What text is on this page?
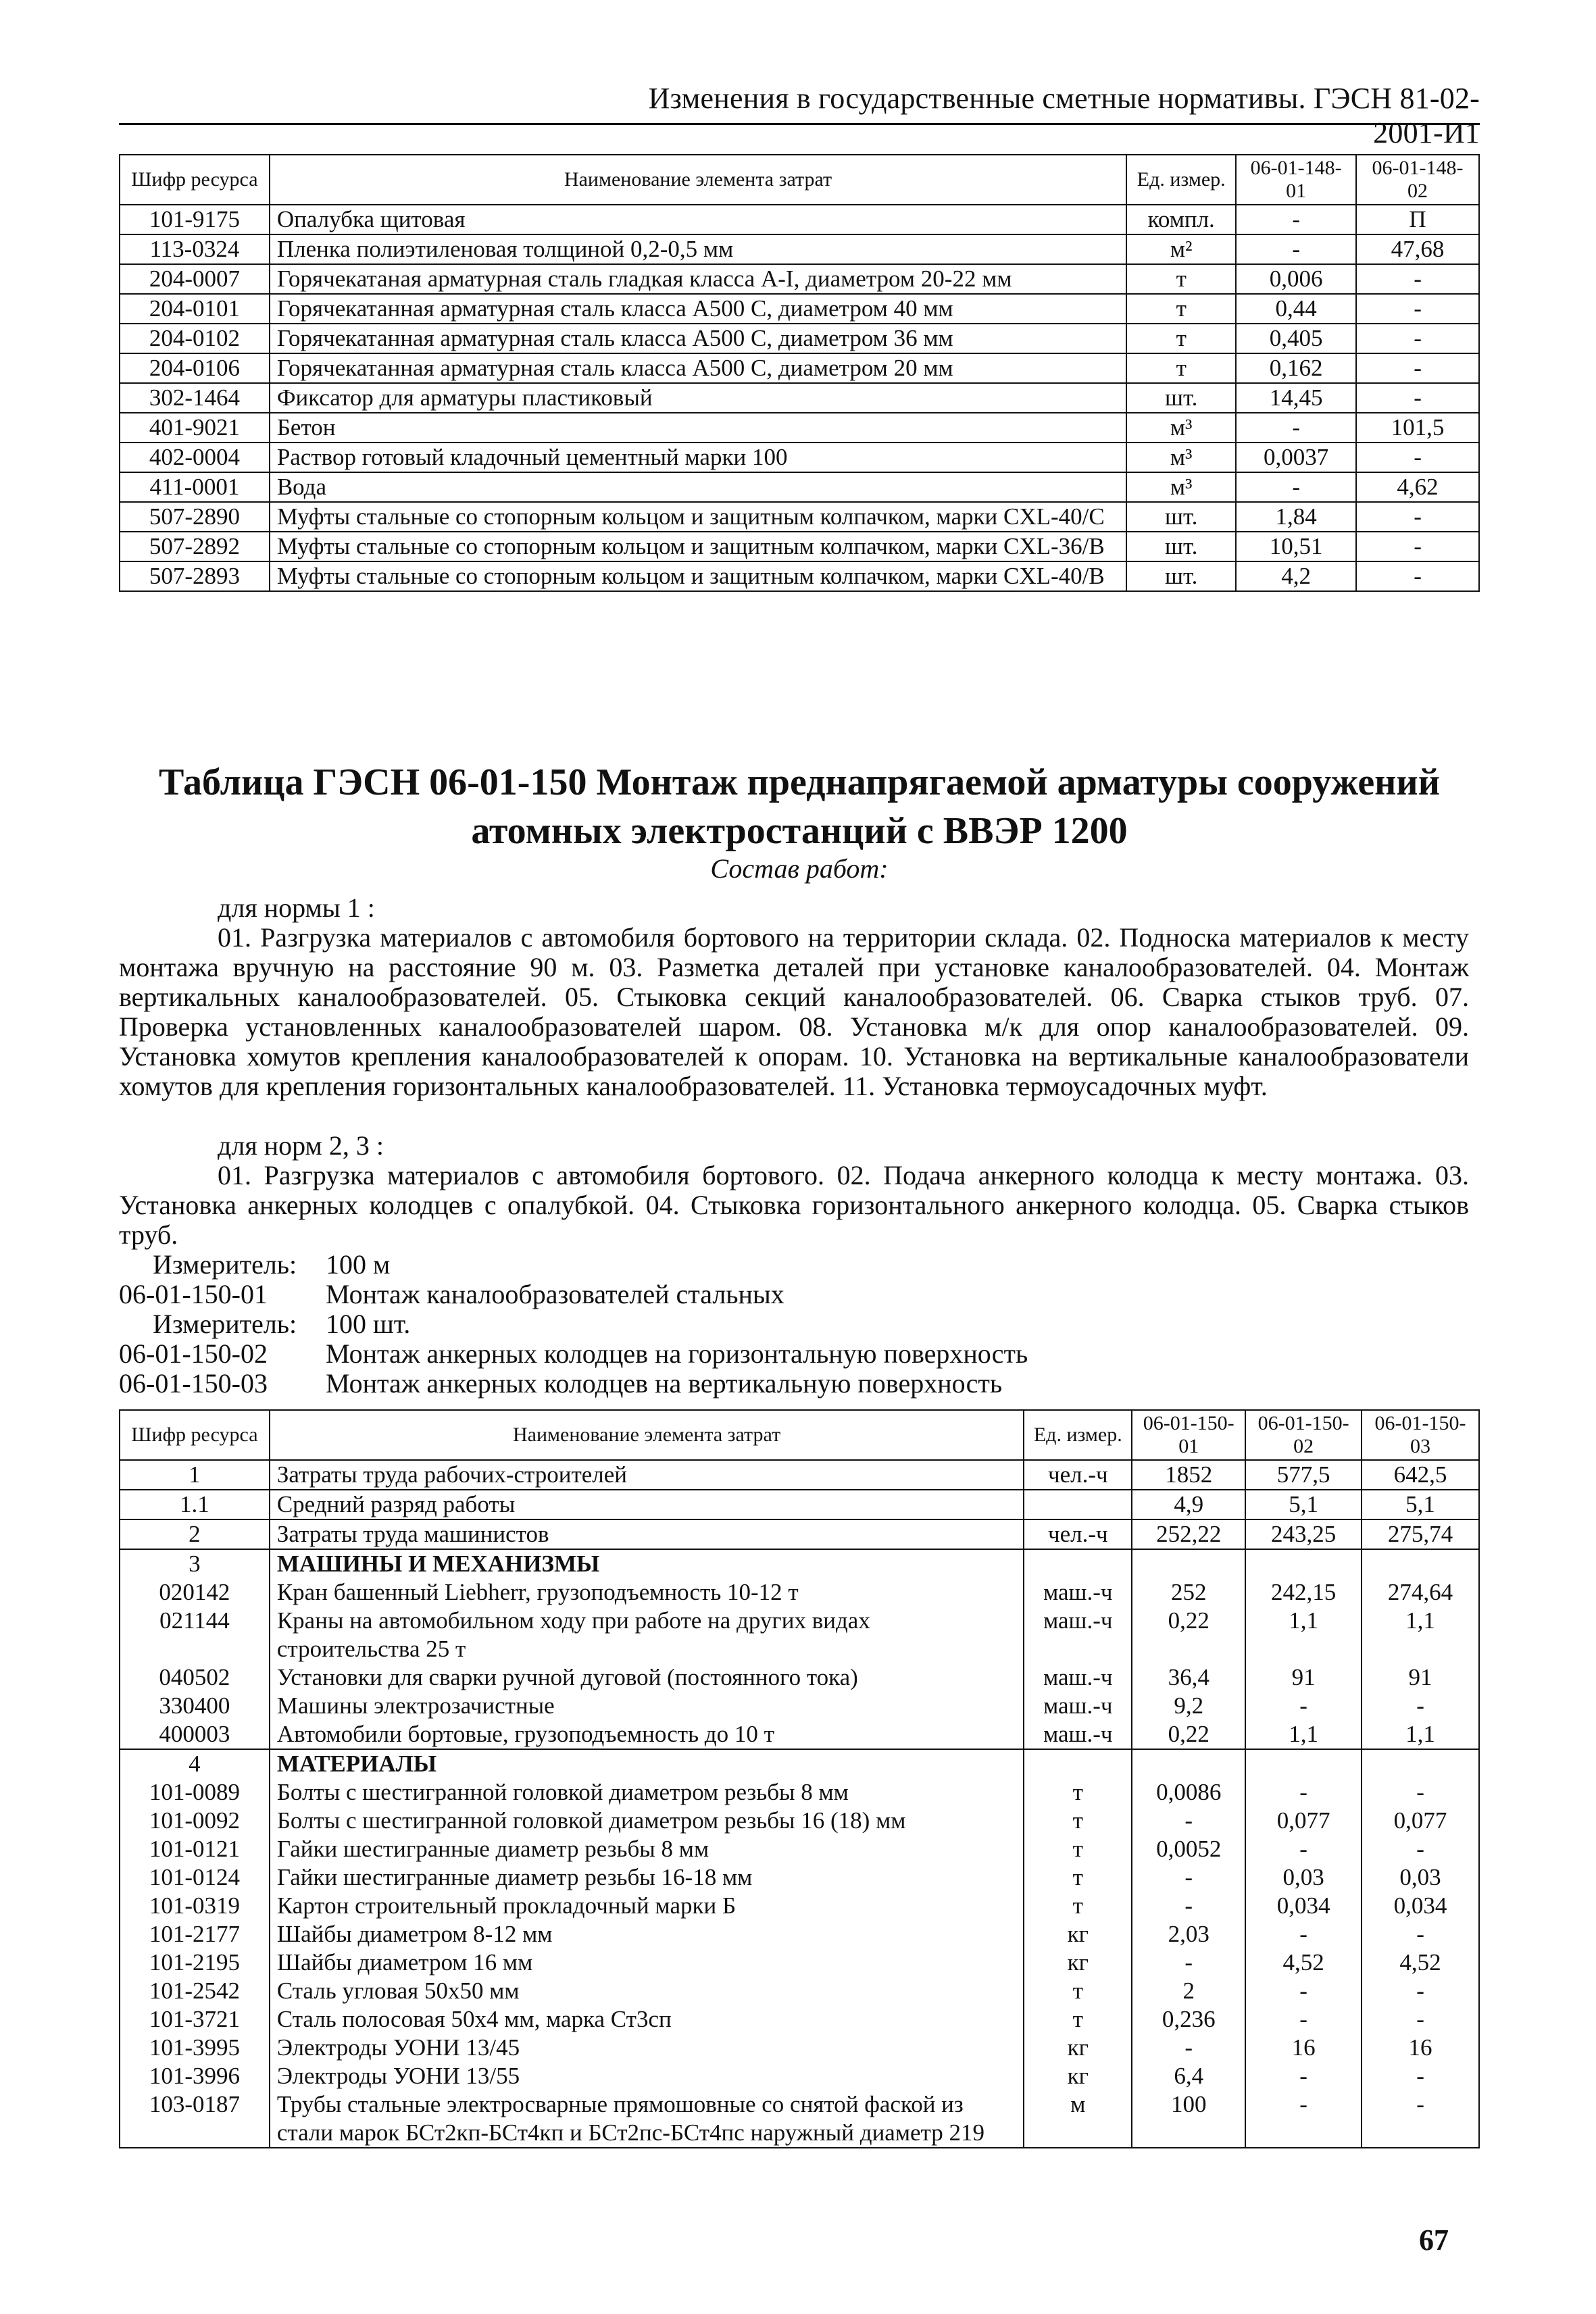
Изменения в государственные сметные нормативы. ГЭСН 81-02-2001-И1
Шифр ресурса	Наименование элемента затрат	Ед. измер.	06-01-148-01	06-01-148-02
101-9175	Опалубка щитовая	компл.	-	П
113-0324	Пленка полиэтиленовая толщиной 0,2-0,5 мм	м²	-	47,68
204-0007	Горячекатаная арматурная сталь гладкая класса А-I, диаметром 20-22 мм	т	0,006	-
204-0101	Горячекатанная арматурная сталь класса А500 С, диаметром 40 мм	т	0,44	-
204-0102	Горячекатанная арматурная сталь класса А500 С, диаметром 36 мм	т	0,405	-
204-0106	Горячекатанная арматурная сталь класса А500 С, диаметром 20 мм	т	0,162	-
302-1464	Фиксатор для арматуры пластиковый	шт.	14,45	-
401-9021	Бетон	м³	-	101,5
402-0004	Раствор готовый кладочный цементный марки 100	м³	0,0037	-
411-0001	Вода	м³	-	4,62
507-2890	Муфты стальные со стопорным кольцом и защитным колпачком, марки CXL-40/C	шт.	1,84	-
507-2892	Муфты стальные со стопорным кольцом и защитным колпачком, марки CXL-36/B	шт.	10,51	-
507-2893	Муфты стальные со стопорным кольцом и защитным колпачком, марки CXL-40/B	шт.	4,2	-
Таблица ГЭСН 06-01-150 Монтаж преднапрягаемой арматуры сооружений атомных электростанций с ВВЭР 1200
Состав работ:
для нормы 1 :
01. Разгрузка материалов с автомобиля бортового на территории склада. 02. Подноска материалов к месту монтажа вручную на расстояние 90 м. 03. Разметка деталей при установке каналообразователей. 04. Монтаж вертикальных каналообразователей. 05. Стыковка секций каналообразователей. 06. Сварка стыков труб. 07. Проверка установленных каналообразователей шаром. 08. Установка м/к для опор каналообразователей. 09. Установка хомутов крепления каналообразователей к опорам. 10. Установка на вертикальные каналообразователи хомутов для крепления горизонтальных каналообразователей. 11. Установка термоусадочных муфт.
для норм 2, 3 :
01. Разгрузка материалов с автомобиля бортового. 02. Подача анкерного колодца к месту монтажа. 03. Установка анкерных колодцев с опалубкой. 04. Стыковка горизонтального анкерного колодца. 05. Сварка стыков труб.
Измеритель: 100 м
06-01-150-01 Монтаж каналообразователей стальных
Измеритель: 100 шт.
06-01-150-02 Монтаж анкерных колодцев на горизонтальную поверхность
06-01-150-03 Монтаж анкерных колодцев на вертикальную поверхность
Шифр ресурса	Наименование элемента затрат	Ед. измер.	06-01-150-01	06-01-150-02	06-01-150-03
1	Затраты труда рабочих-строителей	чел.-ч	1852	577,5	642,5
1.1	Средний разряд работы		4,9	5,1	5,1
2	Затраты труда машинистов	чел.-ч	252,22	243,25	275,74
3	МАШИНЫ И МЕХАНИЗМЫ				
020142	Кран башенный Liebherr, грузоподъемность 10-12 т	маш.-ч	252	242,15	274,64
021144	Краны на автомобильном ходу при работе на других видах строительства 25 т	маш.-ч	0,22	1,1	1,1
040502	Установки для сварки ручной дуговой (постоянного тока)	маш.-ч	36,4	91	91
330400	Машины электрозачистные	маш.-ч	9,2	-	-
400003	Автомобили бортовые, грузоподъемность до 10 т	маш.-ч	0,22	1,1	1,1
4	МАТЕРИАЛЫ				
101-0089	Болты с шестигранной головкой диаметром резьбы 8 мм	т	0,0086	-	-
101-0092	Болты с шестигранной головкой диаметром резьбы 16 (18) мм	т	-	0,077	0,077
101-0121	Гайки шестигранные диаметр резьбы 8 мм	т	0,0052	-	-
101-0124	Гайки шестигранные диаметр резьбы 16-18 мм	т	-	0,03	0,03
101-0319	Картон строительный прокладочный марки Б	т	-	0,034	0,034
101-2177	Шайбы диаметром 8-12 мм	кг	2,03	-	-
101-2195	Шайбы диаметром 16 мм	кг	-	4,52	4,52
101-2542	Сталь угловая 50х50 мм	т	2	-	-
101-3721	Сталь полосовая 50х4 мм, марка Ст3сп	т	0,236	-	-
101-3995	Электроды УОНИ 13/45	кг	-	16	16
101-3996	Электроды УОНИ 13/55	кг	6,4	-	-
103-0187	Трубы стальные электросварные прямошовные со снятой фаской из стали марок БСт2кп-БСт4кп и БСт2пс-БСт4пс наружный диаметр 219	м	100	-	-
67
